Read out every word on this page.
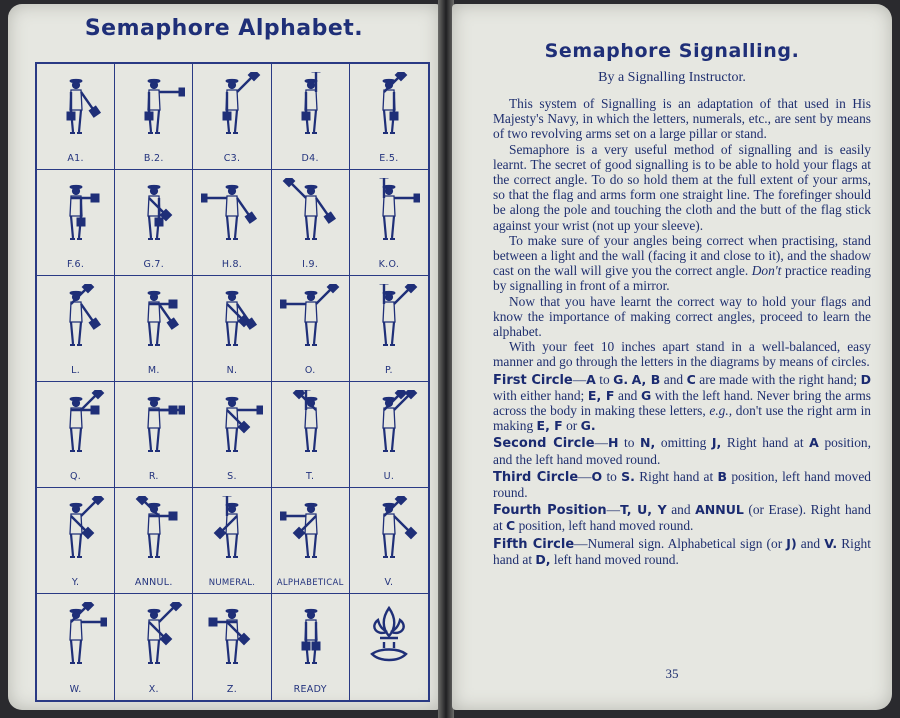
Semaphore Alphabet.
A1.	B.2.	C3.	D4.	E.5.
F.6.	G.7.	H.8.	I.9.	K.O.
L.	M.	N.	O.	P.
Q.	R.	S.	T.	U.
Y.	ANNUL.	NUMERAL.	ALPHABETICAL	V.
W.	X.	Z.	READY
Semaphore Signalling.
By a Signalling Instructor.

This system of Signalling is an adaptation of that used in His Majesty's Navy, in which the letters, numerals, etc., are sent by means of two revolving arms set on a large pillar or stand.

Semaphore is a very useful method of signalling and is easily learnt. The secret of good signalling is to be able to hold your flags at the correct angle. To do so hold them at the full extent of your arms, so that the flag and arms form one straight line. The forefinger should be along the pole and touching the cloth and the butt of the flag stick against your wrist (not up your sleeve).

To make sure of your angles being correct when practising, stand between a light and the wall (facing it and close to it), and the shadow cast on the wall will give you the correct angle. Don't practice reading by signalling in front of a mirror.

Now that you have learnt the correct way to hold your flags and know the importance of making correct angles, proceed to learn the alphabet.

With your feet 10 inches apart stand in a well-balanced, easy manner and go through the letters in the diagrams by means of circles.

First Circle—A to G. A, B and C are made with the right hand; D with either hand; E, F and G with the left hand. Never bring the arms across the body in making these letters, e.g., don't use the right arm in making E, F or G.

Second Circle—H to N, omitting J, Right hand at A position, and the left hand moved round.

Third Circle—O to S. Right hand at B position, left hand moved round.

Fourth Position—T, U, Y and ANNUL (or Erase). Right hand at C position, left hand moved round.

Fifth Circle—Numeral sign. Alphabetical sign (or J) and V. Right hand at D, left hand moved round.

35
